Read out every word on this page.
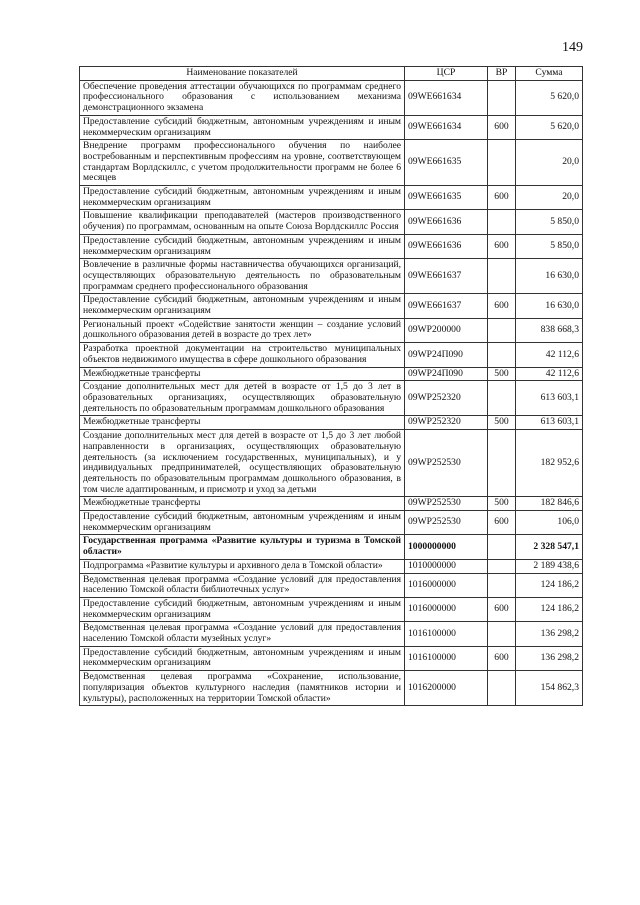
149
Наименование показателей	ЦСР	ВР	Сумма
Обеспечение проведения аттестации обучающихся по программам среднего профессионального образования с использованием механизма демонстрационного экзамена	09WE661634		5 620,0
Предоставление субсидий бюджетным, автономным учреждениям и иным некоммерческим организациям	09WE661634	600	5 620,0
Внедрение программ профессионального обучения по наиболее востребованным и перспективным профессиям на уровне, соответствующем стандартам Ворлдскиллс, с учетом продолжительности программ не более 6 месяцев	09WE661635		20,0
Предоставление субсидий бюджетным, автономным учреждениям и иным некоммерческим организациям	09WE661635	600	20,0
Повышение квалификации преподавателей (мастеров производственного обучения) по программам, основанным на опыте Союза Ворлдскиллс Россия	09WE661636		5 850,0
Предоставление субсидий бюджетным, автономным учреждениям и иным некоммерческим организациям	09WE661636	600	5 850,0
Вовлечение в различные формы наставничества обучающихся организаций, осуществляющих образовательную деятельность по образовательным программам среднего профессионального образования	09WE661637		16 630,0
Предоставление субсидий бюджетным, автономным учреждениям и иным некоммерческим организациям	09WE661637	600	16 630,0
Региональный проект «Содействие занятости женщин – создание условий дошкольного образования детей в возрасте до трех лет»	09WP200000		838 668,3
Разработка проектной документации на строительство муниципальных объектов недвижимого имущества в сфере дошкольного образования	09WP24П090		42 112,6
Межбюджетные трансферты	09WP24П090	500	42 112,6
Создание дополнительных мест для детей в возрасте от 1,5 до 3 лет в образовательных организациях, осуществляющих образовательную деятельность по образовательным программам дошкольного образования	09WP252320		613 603,1
Межбюджетные трансферты	09WP252320	500	613 603,1
Создание дополнительных мест для детей в возрасте от 1,5 до 3 лет любой направленности в организациях, осуществляющих образовательную деятельность (за исключением государственных, муниципальных), и у индивидуальных предпринимателей, осуществляющих образовательную деятельность по образовательным программам дошкольного образования, в том числе адаптированным, и присмотр и уход за детьми	09WP252530		182 952,6
Межбюджетные трансферты	09WP252530	500	182 846,6
Предоставление субсидий бюджетным, автономным учреждениям и иным некоммерческим организациям	09WP252530	600	106,0
Государственная программа «Развитие культуры и туризма в Томской области»	1000000000		2 328 547,1
Подпрограмма «Развитие культуры и архивного дела в Томской области»	1010000000		2 189 438,6
Ведомственная целевая программа «Создание условий для предоставления населению Томской области библиотечных услуг»	1016000000		124 186,2
Предоставление субсидий бюджетным, автономным учреждениям и иным некоммерческим организациям	1016000000	600	124 186,2
Ведомственная целевая программа «Создание условий для предоставления населению Томской области музейных услуг»	1016100000		136 298,2
Предоставление субсидий бюджетным, автономным учреждениям и иным некоммерческим организациям	1016100000	600	136 298,2
Ведомственная целевая программа «Сохранение, использование, популяризация объектов культурного наследия (памятников истории и культуры), расположенных на территории Томской области»	1016200000		154 862,3
